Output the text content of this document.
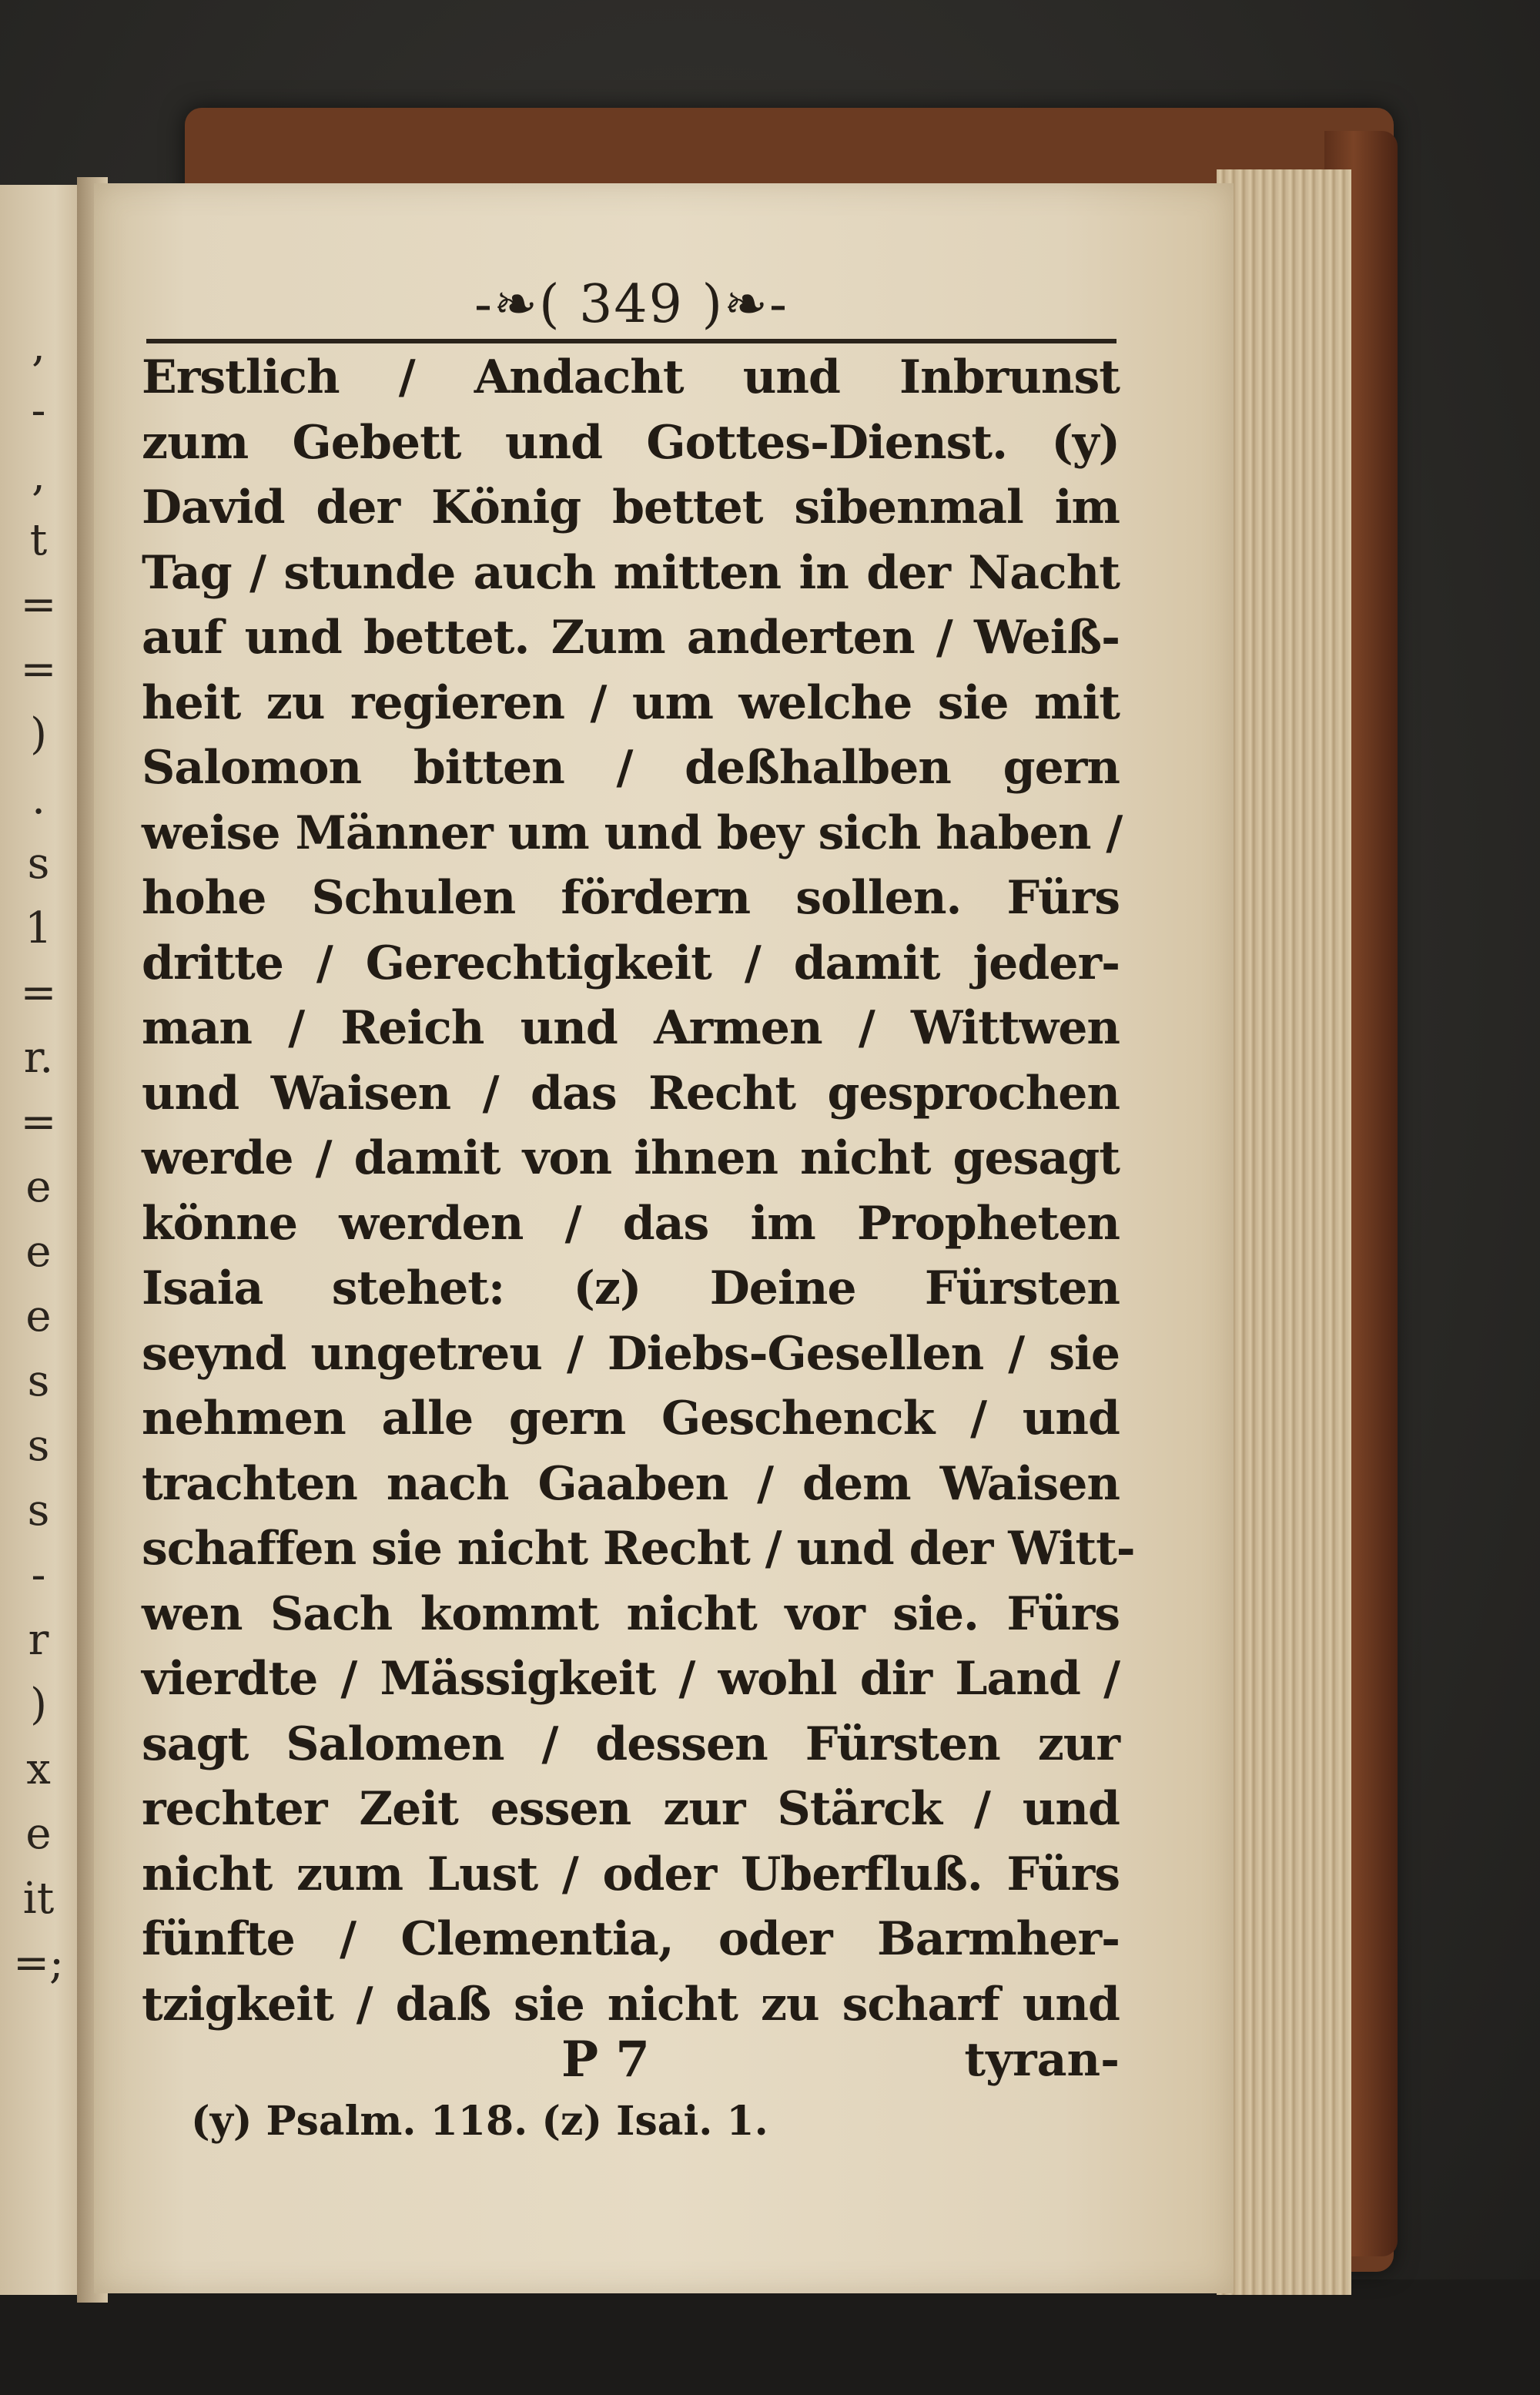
,
-
,
t
=
=
)
.
s
1
=
r.
=
e
e
e
s
s
s
-
r
)
x
e
it
=;
-❧( 349 )❧-
Erstlich / Andacht und Inbrunst
zum Gebett und Gottes-Dienst. (y)
David der König bettet sibenmal im
Tag / stunde auch mitten in der Nacht
auf und bettet. Zum anderten / Weiß-
heit zu regieren / um welche sie mit
Salomon bitten / deßhalben gern
weise Männer um und bey sich haben /
hohe Schulen fördern sollen. Fürs
dritte / Gerechtigkeit / damit jeder-
man / Reich und Armen / Wittwen
und Waisen / das Recht gesprochen
werde / damit von ihnen nicht gesagt
könne werden / das im Propheten
Isaia stehet: (z) Deine Fürsten
seynd ungetreu / Diebs-Gesellen / sie
nehmen alle gern Geschenck / und
trachten nach Gaaben / dem Waisen
schaffen sie nicht Recht / und der Witt-
wen Sach kommt nicht vor sie. Fürs
vierdte / Mässigkeit / wohl dir Land /
sagt Salomen / dessen Fürsten zur
rechter Zeit essen zur Stärck / und
nicht zum Lust / oder Uberfluß. Fürs
fünfte / Clementia, oder Barmher-
tzigkeit / daß sie nicht zu scharf und
P 7	tyran-
(y) Psalm. 118. (z) Isai. 1.
